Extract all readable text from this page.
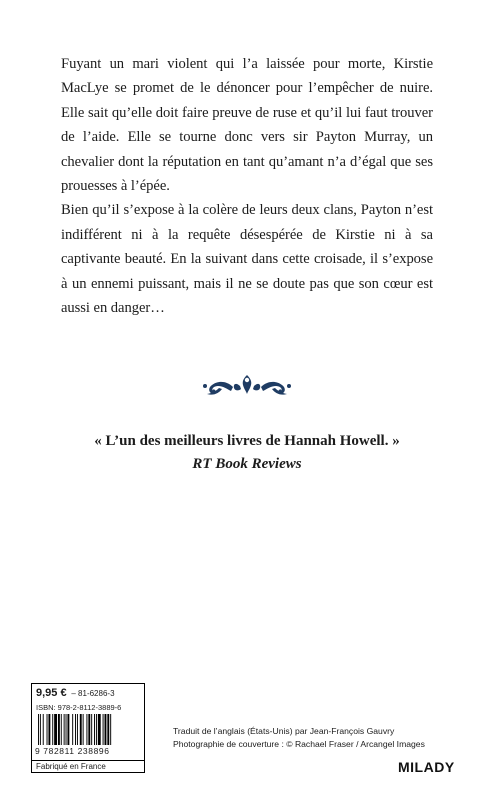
Fuyant un mari violent qui l’a laissée pour morte, Kirstie MacLye se promet de le dénoncer pour l’empêcher de nuire. Elle sait qu’elle doit faire preuve de ruse et qu’il lui faut trouver de l’aide. Elle se tourne donc vers sir Payton Murray, un chevalier dont la réputation en tant qu’amant n’a d’égal que ses prouesses à l’épée.

Bien qu’il s’expose à la colère de leurs deux clans, Payton n’est indifférent ni à la requête désespérée de Kirstie ni à sa captivante beauté. En la suivant dans cette croisade, il s’expose à un ennemi puissant, mais il ne se doute pas que son cœur est aussi en danger…

« L’un des meilleurs livres de Hannah Howell. »
RT Book Reviews
9,95 € – 81-6286-3
ISBN: 978-2-8112-3889-6
9 782811 238896
Fabriqué en France
Traduit de l’anglais (États-Unis) par Jean-François Gauvry
Photographie de couverture : © Rachael Fraser / Arcangel Images
MILADY
